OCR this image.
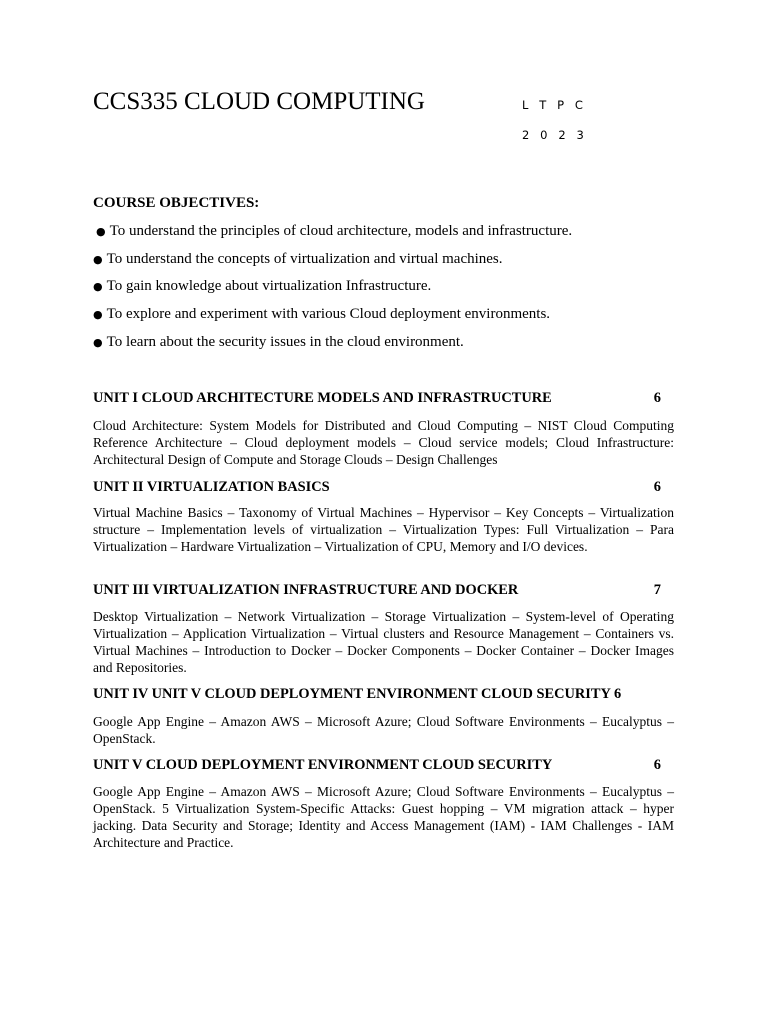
CCS335 CLOUD COMPUTING	L T P C
2 0 2 3
COURSE OBJECTIVES:
● To understand the principles of cloud architecture, models and infrastructure.
● To understand the concepts of virtualization and virtual machines.
● To gain knowledge about virtualization Infrastructure.
● To explore and experiment with various Cloud deployment environments.
● To learn about the security issues in the cloud environment.
UNIT I CLOUD ARCHITECTURE MODELS AND INFRASTRUCTURE	6
Cloud Architecture: System Models for Distributed and Cloud Computing – NIST Cloud Computing Reference Architecture – Cloud deployment models – Cloud service models; Cloud Infrastructure: Architectural Design of Compute and Storage Clouds – Design Challenges
UNIT II VIRTUALIZATION BASICS	6
Virtual Machine Basics – Taxonomy of Virtual Machines – Hypervisor – Key Concepts – Virtualization structure – Implementation levels of virtualization – Virtualization Types: Full Virtualization – Para Virtualization – Hardware Virtualization – Virtualization of CPU, Memory and I/O devices.
UNIT III VIRTUALIZATION INFRASTRUCTURE AND DOCKER	7
Desktop Virtualization – Network Virtualization – Storage Virtualization – System-level of Operating Virtualization – Application Virtualization – Virtual clusters and Resource Management – Containers vs. Virtual Machines – Introduction to Docker – Docker Components – Docker Container – Docker Images and Repositories.
UNIT IV UNIT V CLOUD DEPLOYMENT ENVIRONMENT CLOUD SECURITY 6
Google App Engine – Amazon AWS – Microsoft Azure; Cloud Software Environments – Eucalyptus – OpenStack.
UNIT V CLOUD DEPLOYMENT ENVIRONMENT CLOUD SECURITY	6
Google App Engine – Amazon AWS – Microsoft Azure; Cloud Software Environments – Eucalyptus – OpenStack. 5 Virtualization System-Specific Attacks: Guest hopping – VM migration attack – hyper jacking. Data Security and Storage; Identity and Access Management (IAM) - IAM Challenges - IAM Architecture and Practice.
